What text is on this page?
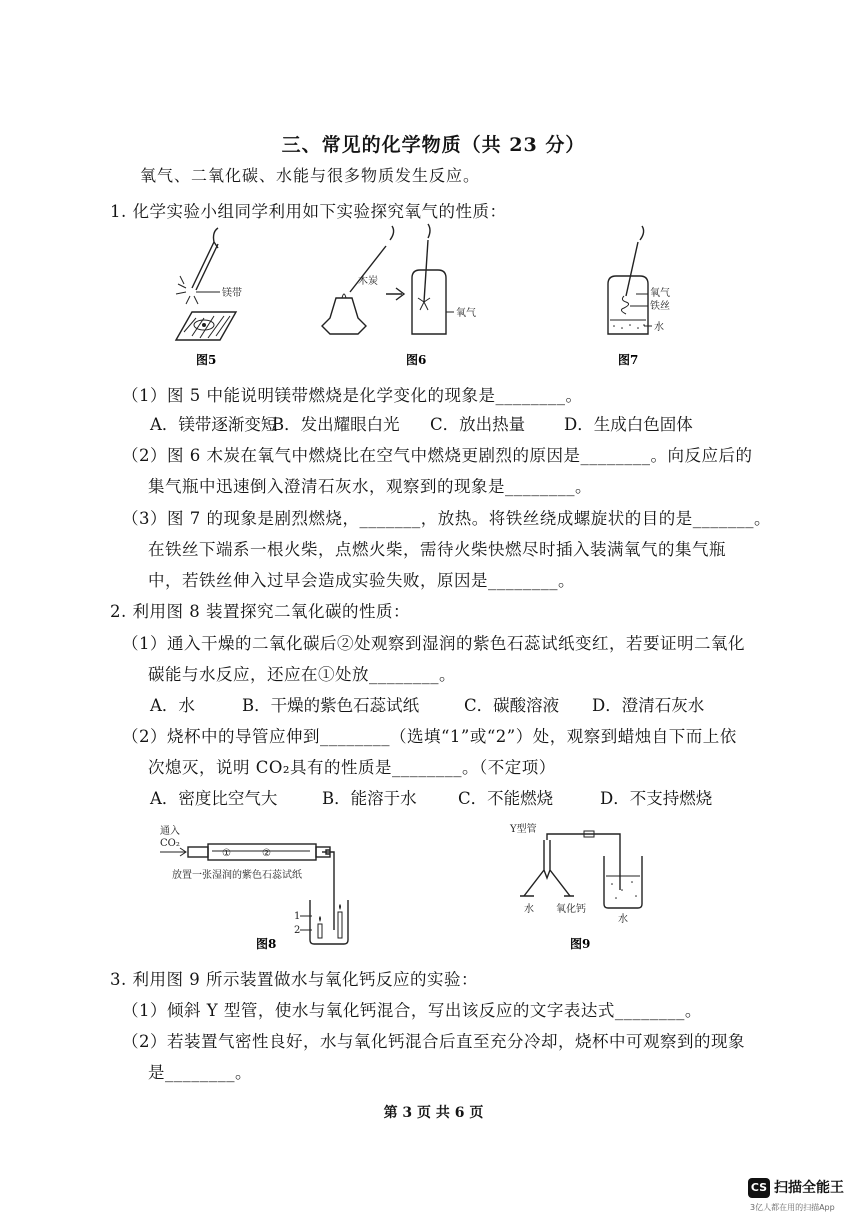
三、常见的化学物质（共 23 分）
氧气、二氧化碳、水能与很多物质发生反应。
1. 化学实验小组同学利用如下实验探究氧气的性质：
镁带
图5
木炭
氧气
图6
氧气
铁丝
水
图7
（1）图 5 中能说明镁带燃烧是化学变化的现象是________。
A．镁带逐渐变短B．发出耀眼白光 C．放出热量 D．生成白色固体
（2）图 6 木炭在氧气中燃烧比在空气中燃烧更剧烈的原因是________。向反应后的
集气瓶中迅速倒入澄清石灰水，观察到的现象是________。
（3）图 7 的现象是剧烈燃烧，_______，放热。将铁丝绕成螺旋状的目的是_______。
在铁丝下端系一根火柴，点燃火柴，需待火柴快燃尽时插入装满氧气的集气瓶
中，若铁丝伸入过早会造成实验失败，原因是________。
2. 利用图 8 装置探究二氧化碳的性质：
（1）通入干燥的二氧化碳后②处观察到湿润的紫色石蕊试纸变红，若要证明二氧化
碳能与水反应，还应在①处放________。
A．水	B．干燥的紫色石蕊试纸	C．碳酸溶液 D．澄清石灰水
（2）烧杯中的导管应伸到________（选填“1”或“2”）处，观察到蜡烛自下而上依
次熄灭，说明 CO₂具有的性质是________。（不定项）
A．密度比空气大	B．能溶于水	C．不能燃烧	D．不支持燃烧
通入
CO₂
①	②
放置一张湿润的紫色石蕊试纸
1
2
图8
Y型管
水 氧化钙
水
图9
3. 利用图 9 所示装置做水与氧化钙反应的实验：
（1）倾斜 Y 型管，使水与氧化钙混合，写出该反应的文字表达式________。
（2）若装置气密性良好，水与氧化钙混合后直至充分冷却，烧杯中可观察到的现象
是________。
第 3 页 共 6 页
CS 扫描全能王
3亿人都在用的扫描App
